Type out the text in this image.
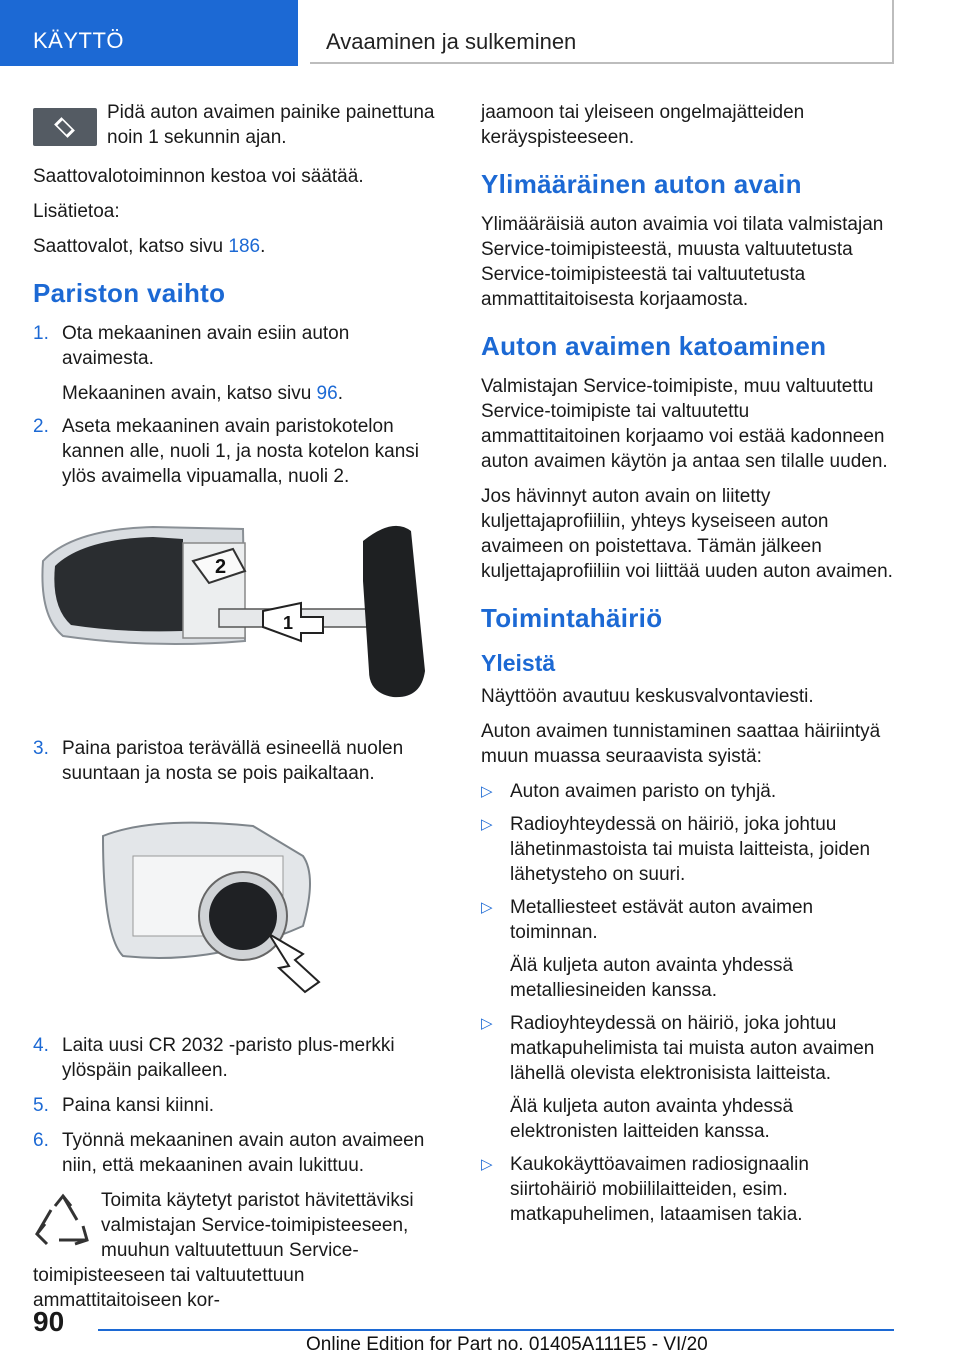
KÄYTTÖ	Avaaminen ja sulkeminen
Pidä auton avaimen painike painettuna noin 1 sekunnin ajan.

Saattovalotoiminnon kestoa voi säätää.

Lisätietoa:

Saattovalot, katso sivu 186.

Pariston vaihto
1. Ota mekaaninen avain esiin auton avaimesta.

Mekaaninen avain, katso sivu 96.

2. Aseta mekaaninen avain paristokotelon kannen alle, nuoli 1, ja nosta kotelon kansi ylös avaimella vipuamalla, nuoli 2.
2
1
3. Paina paristoa terävällä esineellä nuolen suuntaan ja nosta se pois paikaltaan.
4. Laita uusi CR 2032 -paristo plus-merkki ylöspäin paikalleen.
5. Paina kansi kiinni.
6. Työnnä mekaaninen avain auton avaimeen niin, että mekaaninen avain lukittuu.
Toimita käytetyt paristot hävitettäviksi valmistajan Service-toimipisteeseen, muuhun valtuutettuun Service-toimipisteeseen tai valtuutettuun ammattitaitoiseen kor-

jaamoon tai yleiseen ongelmajätteiden keräyspisteeseen.

Ylimääräinen auton avain

Ylimääräisiä auton avaimia voi tilata valmistajan Service-toimipisteestä, muusta valtuutetusta Service-toimipisteestä tai valtuutetusta ammattitaitoisesta korjaamosta.

Auton avaimen katoaminen

Valmistajan Service-toimipiste, muu valtuutettu Service-toimipiste tai valtuutettu ammattitaitoinen korjaamo voi estää kadonneen auton avaimen käytön ja antaa sen tilalle uuden.

Jos hävinnyt auton avain on liitetty kuljettajaprofiiliin, yhteys kyseiseen auton avaimeen on poistettava. Tämän jälkeen kuljettajaprofiiliin voi liittää uuden auton avaimen.

Toimintahäiriö
Yleistä

Näyttöön avautuu keskusvalvontaviesti.

Auton avaimen tunnistaminen saattaa häiriintyä muun muassa seuraavista syistä:

▷ Auton avaimen paristo on tyhjä.
▷ Radioyhteydessä on häiriö, joka johtuu lähetinmastoista tai muista laitteista, joiden lähetysteho on suuri.
▷ Metalliesteet estävät auton avaimen toiminnan.

Älä kuljeta auton avainta yhdessä metalliesineiden kanssa.

▷ Radioyhteydessä on häiriö, joka johtuu matkapuhelimista tai muista auton avaimen lähellä olevista elektronisista laitteista.

Älä kuljeta auton avainta yhdessä elektronisten laitteiden kanssa.

▷ Kaukokäyttöavaimen radiosignaalin siirtohäiriö mobiililaitteiden, esim. matkapuhelimen, lataamisen takia.
90
Online Edition for Part no. 01405A111E5 - VI/20
